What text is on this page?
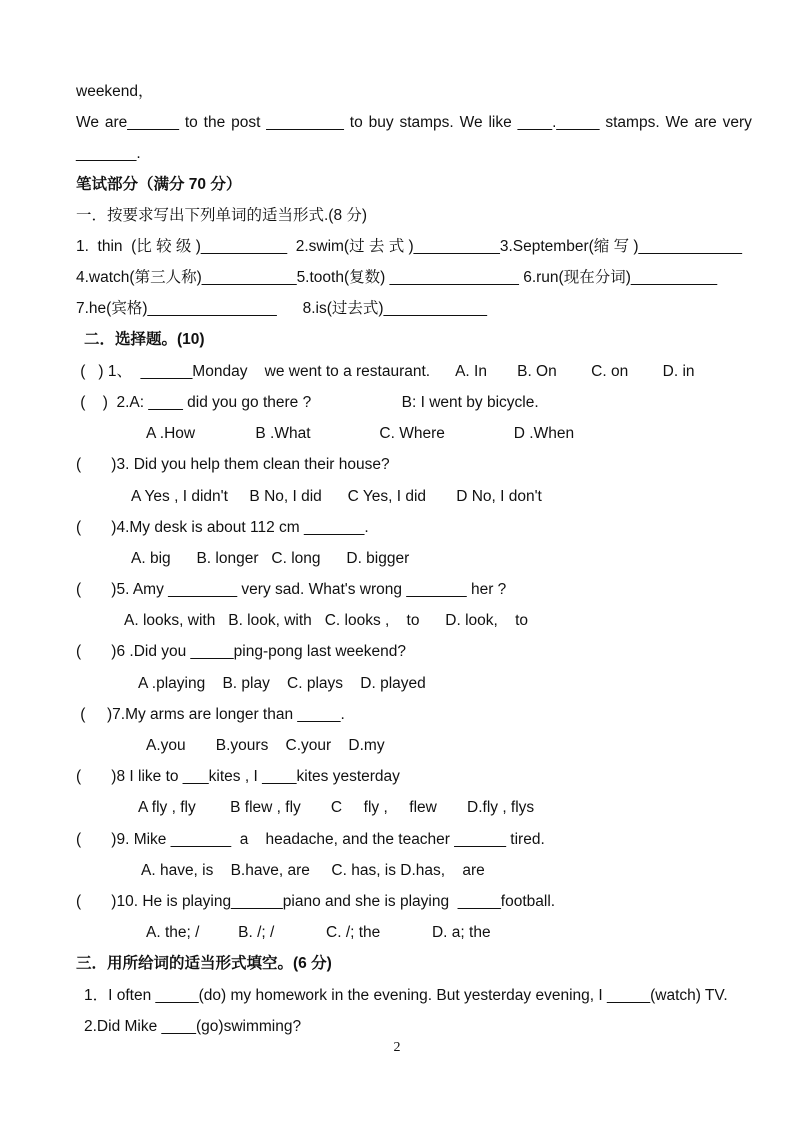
weekend，
We are______ to the post _________ to buy stamps. We like ____._____ stamps. We are very
_______.
笔试部分（满分 70 分）
一．按要求写出下列单词的适当形式.(8 分)
1.  thin  (比 较 级 )__________  2.swim(过 去 式 )__________3.September(缩 写 )____________
4.watch(第三人称)___________5.tooth(复数) _______________ 6.run(现在分词)__________
7.he(宾格)_______________      8.is(过去式)____________
二．选择题。(10)
(   ) 1、  ______Monday    we went to a restaurant.      A. In       B. On        C. on        D. in
(    )  2.A: ____ did you go there ?                     B: I went by bicycle.
A .How              B .What                C. Where                D .When
(       )3. Did you help them clean their house?
A Yes , I didn't     B No, I did      C Yes, I did       D No, I don't
(       )4.My desk is about 112 cm _______.
A. big      B. longer   C. long      D. bigger
(       )5. Amy ________ very sad. What's wrong _______ her ?
A. looks, with   B. look, with   C. looks ,    to      D. look,    to
(       )6 .Did you _____ping-pong last weekend?
A .playing    B. play    C. plays    D. played
(     )7.My arms are longer than _____.
A.you       B.yours    C.your    D.my
(       )8 I like to ___kites , I ____kites yesterday
A fly , fly        B flew , fly       C     fly ,     flew       D.fly , flys
(       )9. Mike _______  a    headache, and the teacher ______ tired.
A. have, is    B.have, are     C. has, is D.has,    are
(       )10. He is playing______piano and she is playing  _____football.
A. the; /         B. /; /            C. /; the            D. a; the
三．用所给词的适当形式填空。(6 分)
1．I often _____(do) my homework in the evening. But yesterday evening, I _____(watch) TV.
2.Did Mike ____(go)swimming?
2
